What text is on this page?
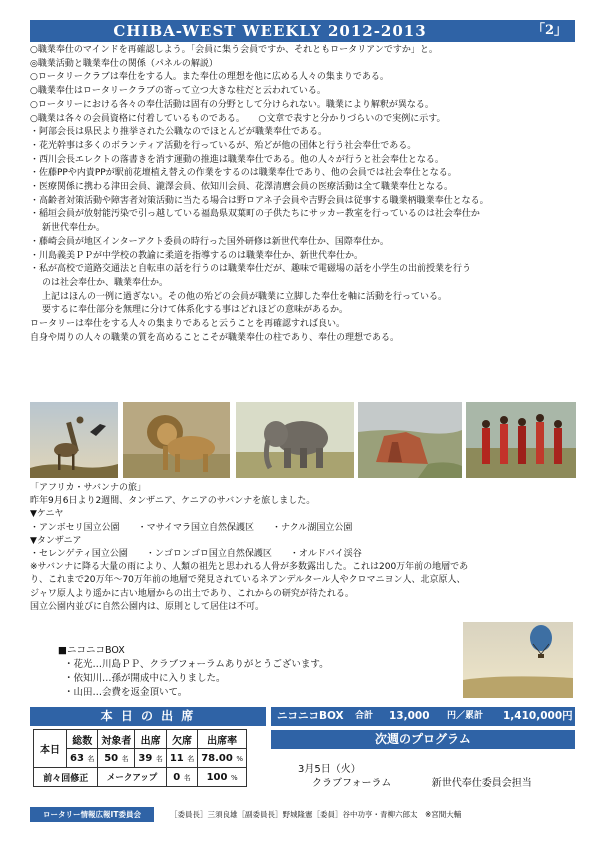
CHIBA-WEST WEEKLY 2012-2013	「2」
○職業奉仕のマインドを再確認しよう。「会員に集う会員ですか、それともロータリアンですか」と。
◎職業活動と職業奉仕の関係（パネルの解説）
○ロータリークラブは奉仕をする人。また奉仕の理想を他に広める人々の集まりである。
○職業奉仕はロータリークラブの寄って立つ大きな柱だと云われている。
○ロータリーにおける各々の奉仕活動は固有の分野として分けられない。職業により解釈が異なる。
○職業は各々の会員資格に付着しているものである。　　○文章で表すと分かりづらいので実例に示す。
・阿部会長は県民より推挙された公職なのでほとんどが職業奉仕である。
・花光幹事は多くのボランティア活動を行っているが、殆どが他の団体と行う社会奉仕である。
・西川会長エレクトの落書きを消す運動の推進は職業奉仕である。他の人々が行うと社会奉仕となる。
・佐藤PPや内貴PPが駅前花壇植え替えの作業をするのは職業奉仕であり、他の会員では社会奉仕となる。
・医療関係に携わる津田会員、瀧澤会員、依知川会員、花澤清麿会員の医療活動は全て職業奉仕となる。
・高齢者対策活動や障害者対策活動に当たる場合は野ロアネ子会員や吉野会員は従事する職業柄職業奉仕となる。
・稲垣会員が放射能汚染で引っ越している福島県双葉町の子供たちにサッカー教室を行っているのは社会奉仕か
新世代奉仕か。
・藤崎会員が地区インターアクト委員の時行った国外研修は新世代奉仕か、国際奉仕か。
・川島義美ＰＰが中学校の教諭に柔道を指導するのは職業奉仕か、新世代奉仕か。
・私が高校で道路交通法と自転車の話を行うのは職業奉仕だが、趣味で電磁場の話を小学生の出前授業を行う
のは社会奉仕か、職業奉仕か。
上記はほんの一例に過ぎない。その他の殆どの会員が職業に立脚した奉仕を軸に活動を行っている。
要するに奉仕部分を無理に分けて体系化する事はどれほどの意味があるか。
ロータリーは奉仕をする人々の集まりであると云うことを再確認すれば良い。
自身や周りの人々の職業の質を高めることこそが職業奉仕の柱であり、奉仕の理想である。
「アフリカ・サバンナの旅」
昨年9月6日より2週間、タンザニア、ケニアのサバンナを旅しました。
▼ケニヤ
・アンボセリ国立公園　　・マサイマラ国立自然保護区　　・ナクル湖国立公園
▼タンザニア
・セレンゲティ国立公園　　・ンゴロンゴロ国立自然保護区　　・オルドバイ渓谷
※サバンナに降る大量の雨により、人類の祖先と思われる人骨が多数露出した。これは200万年前の地層であ
り、これまで20万年～70万年前の地層で発見されているネアンデルタール人やクロマニヨン人、北京原人、
ジャワ原人より遥かに古い地層からの出土であり、これからの研究が待たれる。
国立公園内並びに自然公園内は、原則として居住は不可。
■ニコニコBOX
・花光…川島ＰＰ、クラブフォーラムありがとうございます。
・依知川…孫が開成中に入りました。
・山田…会費を返金頂いて。
本 日 の 出 席
本日	総数	対象者	出席	欠席	出席率
	63 名	50 名	39 名	11 名	78.00 %
前々回修正		メークアップ		0 名	100 %
ニコニコBOX 合計 13,000 円／累計 1,410,000円
次週のプログラム
3月5日（火）
クラブフォーラム	新世代奉仕委員会担当
ロータリー情報広報IT委員会	［委員長］三須良雄［副委員長］野城隆憲［委員］谷中功亨・青柳六郎太　※宮間大輔
